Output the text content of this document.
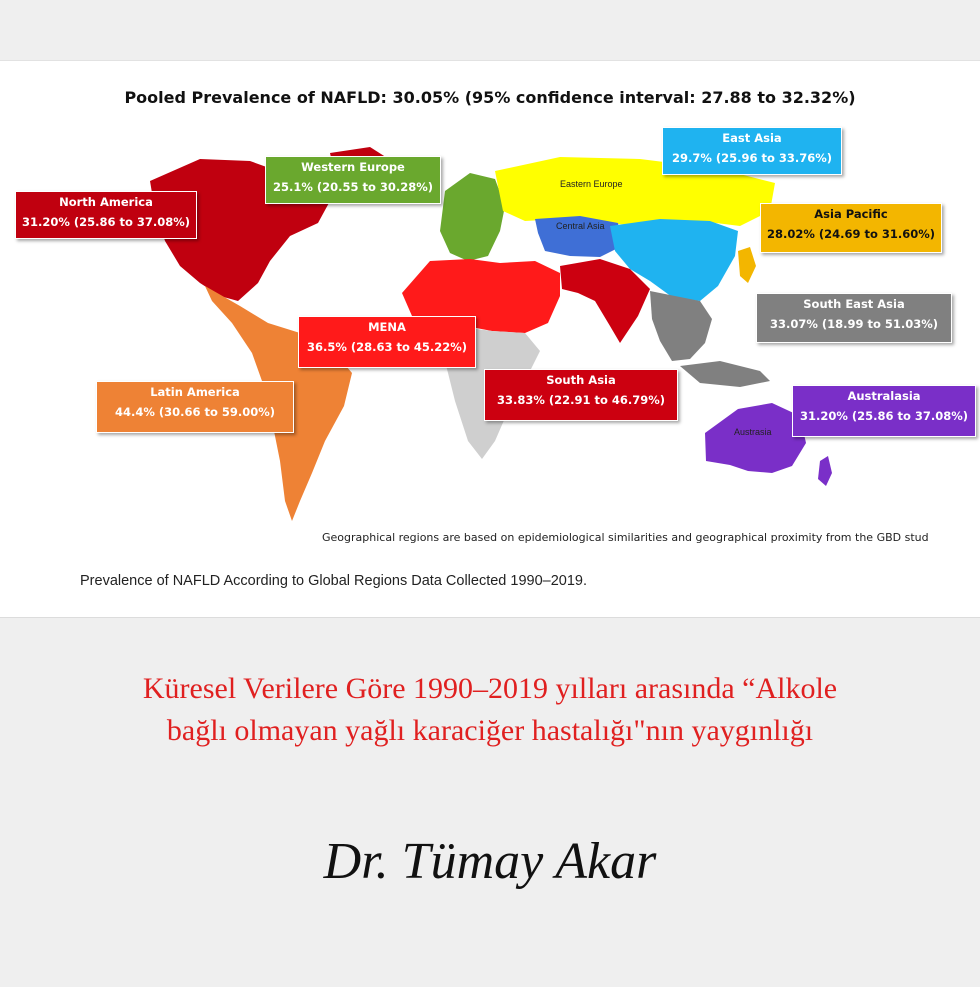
Pooled Prevalence of NAFLD: 30.05% (95% confidence interval: 27.88 to 32.32%)
Eastern Europe
Central Asia
Austrasia
North America
31.20% (25.86 to 37.08%)
Western Europe
25.1% (20.55 to 30.28%)
East Asia
29.7% (25.96 to 33.76%)
Asia Pacific
28.02% (24.69 to 31.60%)
South East Asia
33.07% (18.99 to 51.03%)
MENA
36.5% (28.63 to 45.22%)
Latin America
44.4% (30.66 to 59.00%)
South Asia
33.83% (22.91 to 46.79%)	Australasia
31.20% (25.86 to 37.08%)
Geographical regions are based on epidemiological similarities and geographical proximity from the GBD stud
Prevalence of NAFLD According to Global Regions Data Collected 1990–2019.
Küresel Verilere Göre 1990–2019 yılları arasında “Alkole
bağlı olmayan yağlı karaciğer hastalığı"nın yaygınlığı
Dr. Tümay Akar
